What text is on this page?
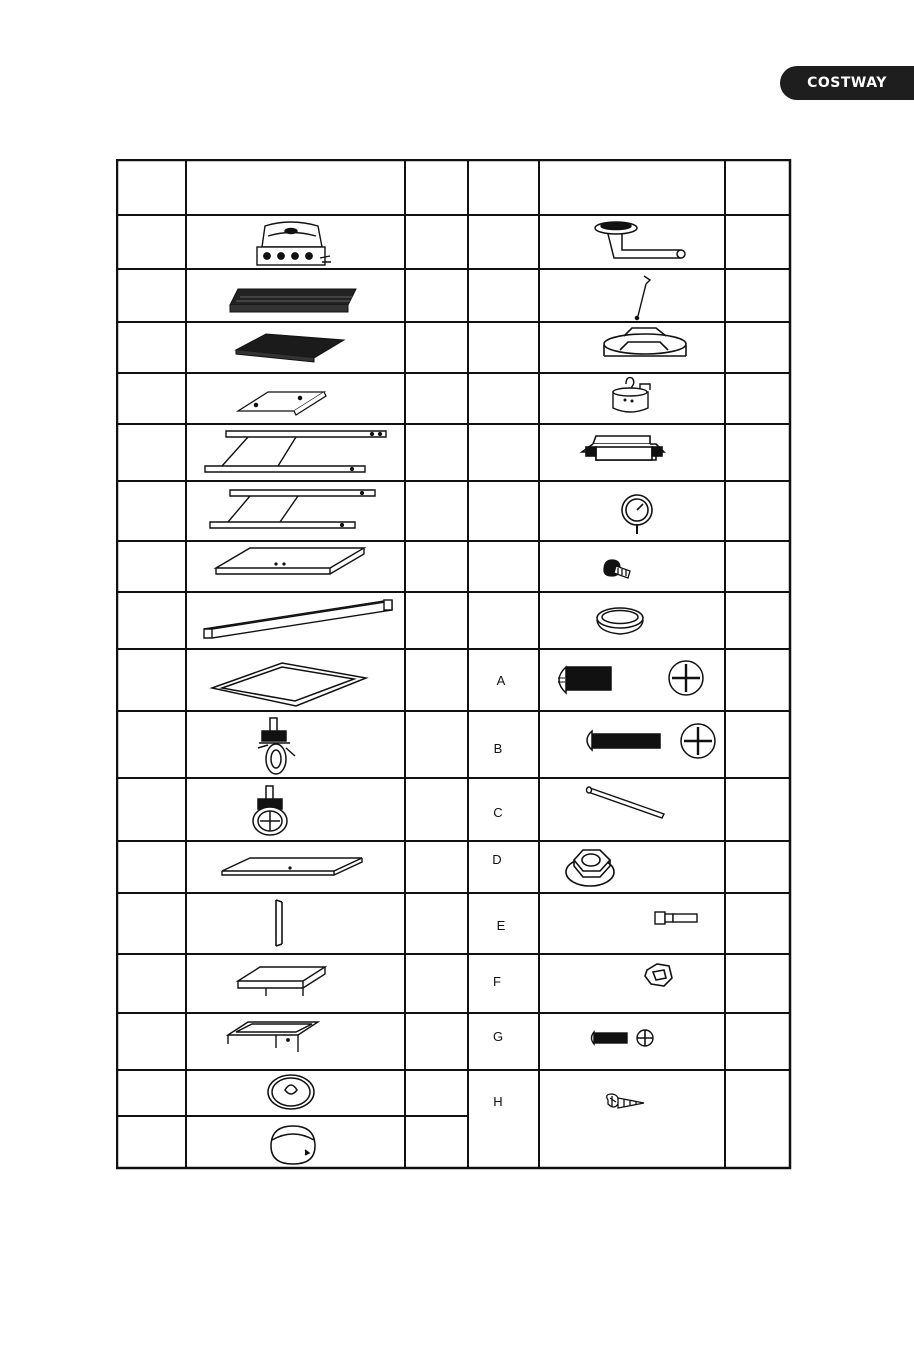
COSTWAY
A
B
C
D
E
F
G
H
